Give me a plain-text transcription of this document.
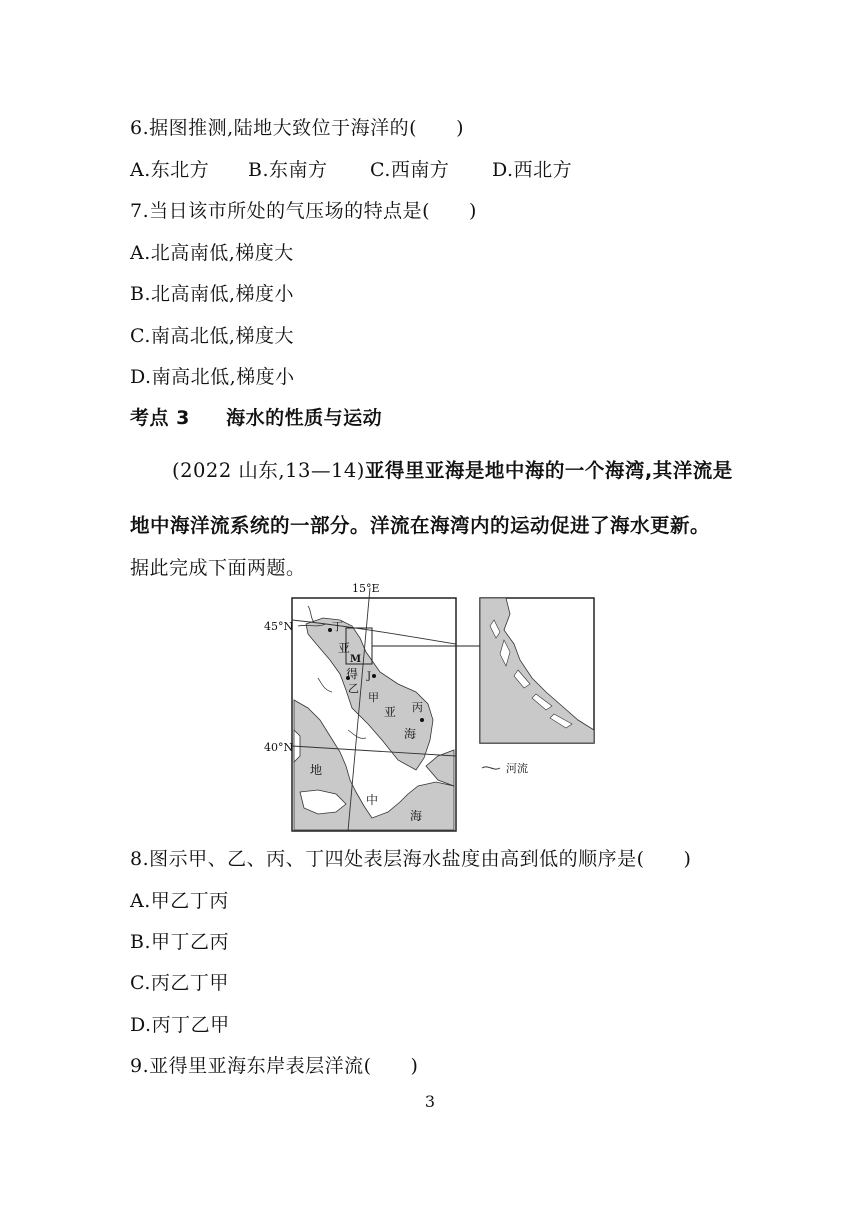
6.据图推测,陆地大致位于海洋的(　　)
A.东北方 B.东南方 C.西南方 D.西北方
7.当日该市所处的气压场的特点是(　　)
A.北高南低,梯度大
B.北高南低,梯度小
C.南高北低,梯度大
D.南高北低,梯度小
考点 3 海水的性质与运动
(2022 山东,13—14)亚得里亚海是地中海的一个海湾,其洋流是
地中海洋流系统的一部分。洋流在海湾内的运动促进了海水更新。
据此完成下面两题。
15°E
45°N
40°N
丁
乙
甲
丙
M
J
亚
得
亚
海
地
中
海
河流
8.图示甲、乙、丙、丁四处表层海水盐度由高到低的顺序是(　　)
A.甲乙丁丙
B.甲丁乙丙
C.丙乙丁甲
D.丙丁乙甲
9.亚得里亚海东岸表层洋流(　　)
3
